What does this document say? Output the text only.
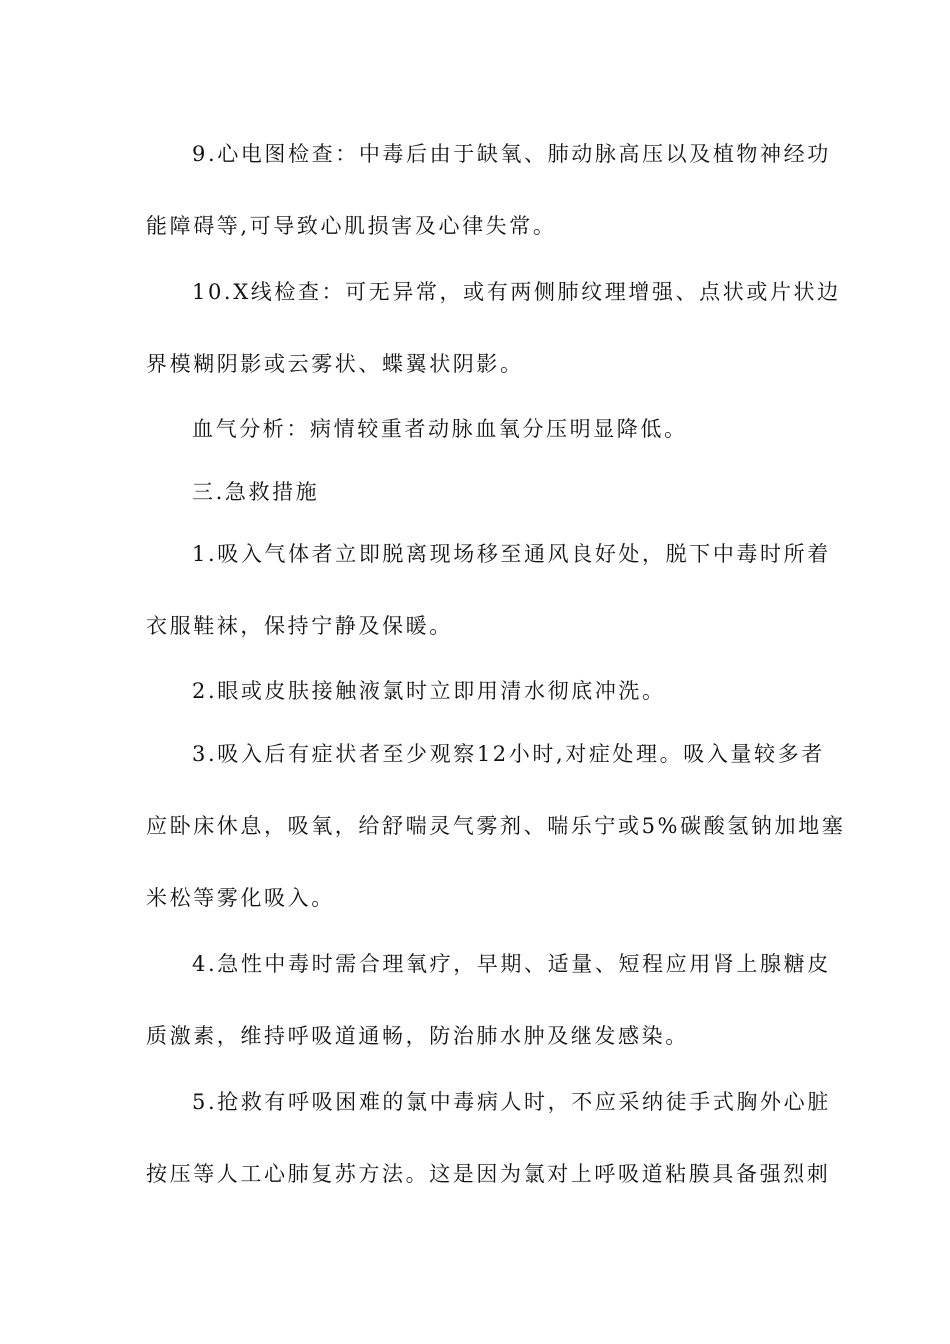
9.心电图检查：中毒后由于缺氧、肺动脉高压以及植物神经功
能障碍等,可导致心肌损害及心律失常。
10.X线检查：可无异常，或有两侧肺纹理增强、点状或片状边
界模糊阴影或云雾状、蝶翼状阴影。
血气分析：病情较重者动脉血氧分压明显降低。
三.急救措施
1.吸入气体者立即脱离现场移至通风良好处，脱下中毒时所着
衣服鞋袜，保持宁静及保暖。
2.眼或皮肤接触液氯时立即用清水彻底冲洗。
3.吸入后有症状者至少观察12小时,对症处理。吸入量较多者
应卧床休息，吸氧，给舒喘灵气雾剂、喘乐宁或5%碳酸氢钠加地塞
米松等雾化吸入。
4.急性中毒时需合理氧疗，早期、适量、短程应用肾上腺糖皮
质激素，维持呼吸道通畅，防治肺水肿及继发感染。
5.抢救有呼吸困难的氯中毒病人时，不应采纳徒手式胸外心脏
按压等人工心肺复苏方法。这是因为氯对上呼吸道粘膜具备强烈刺
